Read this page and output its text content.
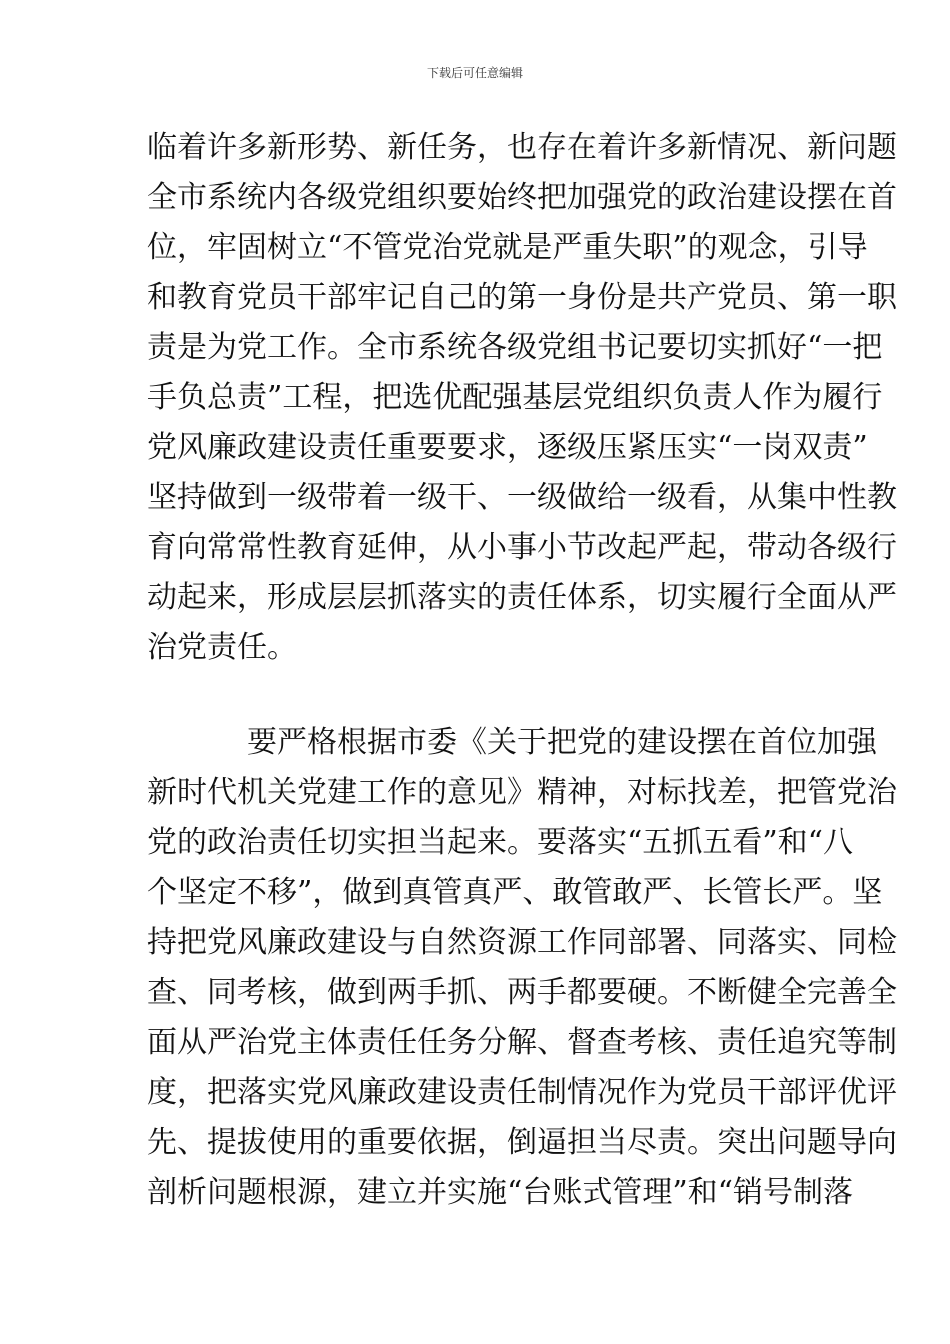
下载后可任意编辑
临着许多新形势、新任务，也存在着许多新情况、新问题
全市系统内各级党组织要始终把加强党的政治建设摆在首
位，牢固树立“不管党治党就是严重失职”的观念，引导
和教育党员干部牢记自己的第一身份是共产党员、第一职
责是为党工作。全市系统各级党组书记要切实抓好“一把
手负总责”工程，把选优配强基层党组织负责人作为履行
党风廉政建设责任重要要求，逐级压紧压实“一岗双责”
坚持做到一级带着一级干、一级做给一级看，从集中性教
育向常常性教育延伸，从小事小节改起严起，带动各级行
动起来，形成层层抓落实的责任体系，切实履行全面从严
治党责任。
要严格根据市委《关于把党的建设摆在首位加强
新时代机关党建工作的意见》精神，对标找差，把管党治
党的政治责任切实担当起来。要落实“五抓五看”和“八
个坚定不移”，做到真管真严、敢管敢严、长管长严。坚
持把党风廉政建设与自然资源工作同部署、同落实、同检
查、同考核，做到两手抓、两手都要硬。不断健全完善全
面从严治党主体责任任务分解、督查考核、责任追究等制
度，把落实党风廉政建设责任制情况作为党员干部评优评
先、提拔使用的重要依据，倒逼担当尽责。突出问题导向
剖析问题根源，建立并实施“台账式管理”和“销号制落
